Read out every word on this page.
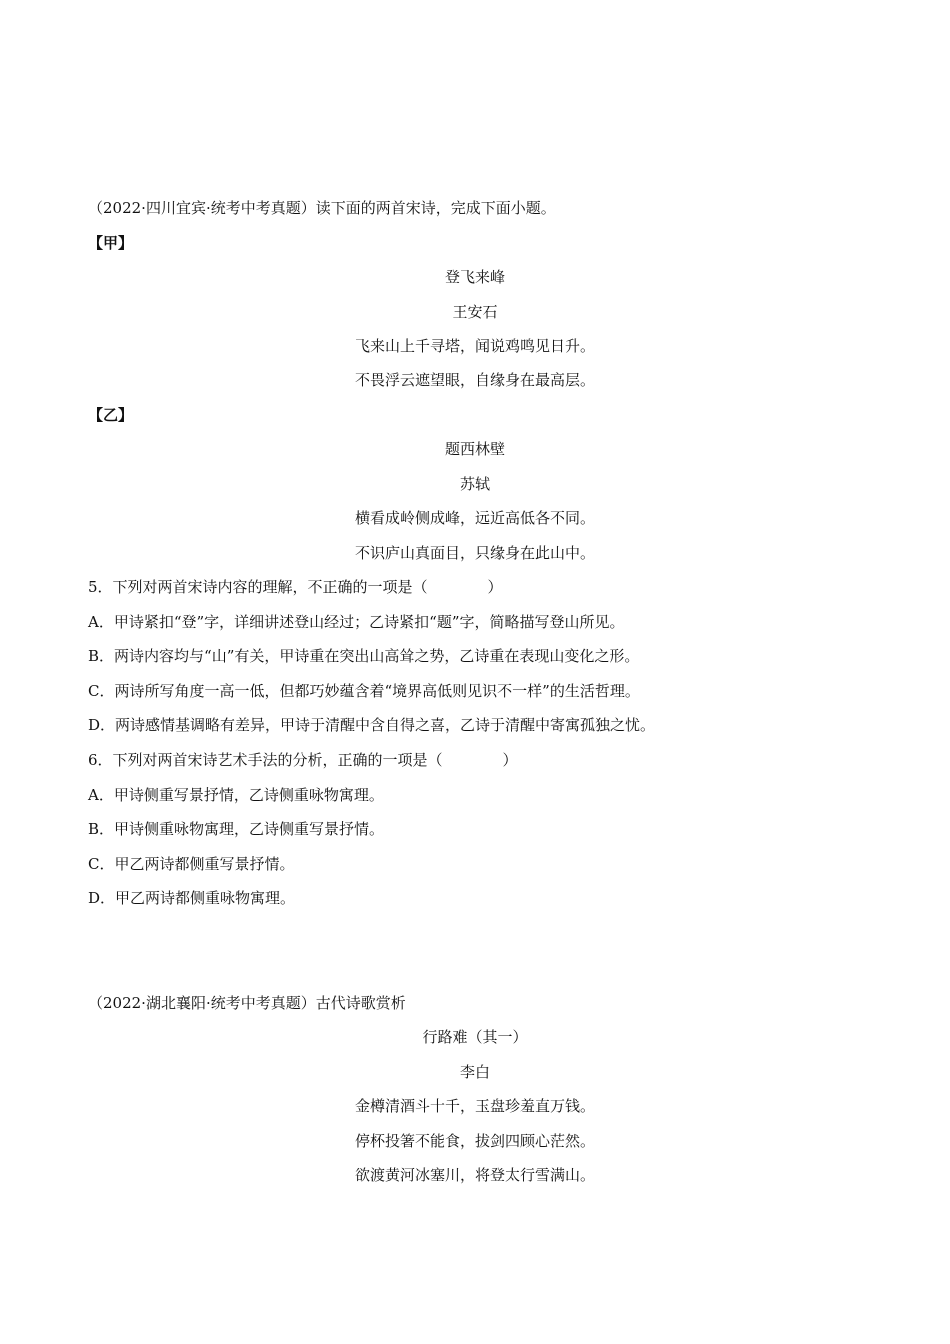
（2022·四川宜宾·统考中考真题）读下面的两首宋诗，完成下面小题。
【甲】
登飞来峰
王安石
飞来山上千寻塔，闻说鸡鸣见日升。
不畏浮云遮望眼，自缘身在最高层。
【乙】
题西林壁
苏轼
横看成岭侧成峰，远近高低各不同。
不识庐山真面目，只缘身在此山中。
5．下列对两首宋诗内容的理解，不正确的一项是（　　　　）
A．甲诗紧扣“登”字，详细讲述登山经过；乙诗紧扣“题”字，简略描写登山所见。
B．两诗内容均与“山”有关，甲诗重在突出山高耸之势，乙诗重在表现山变化之形。
C．两诗所写角度一高一低，但都巧妙蕴含着“境界高低则见识不一样”的生活哲理。
D．两诗感情基调略有差异，甲诗于清醒中含自得之喜，乙诗于清醒中寄寓孤独之忧。
6．下列对两首宋诗艺术手法的分析，正确的一项是（　　　　）
A．甲诗侧重写景抒情，乙诗侧重咏物寓理。
B．甲诗侧重咏物寓理，乙诗侧重写景抒情。
C．甲乙两诗都侧重写景抒情。
D．甲乙两诗都侧重咏物寓理。
（2022·湖北襄阳·统考中考真题）古代诗歌赏析
行路难（其一）
李白
金樽清酒斗十千，玉盘珍羞直万钱。
停杯投箸不能食，拔剑四顾心茫然。
欲渡黄河冰塞川，将登太行雪满山。
